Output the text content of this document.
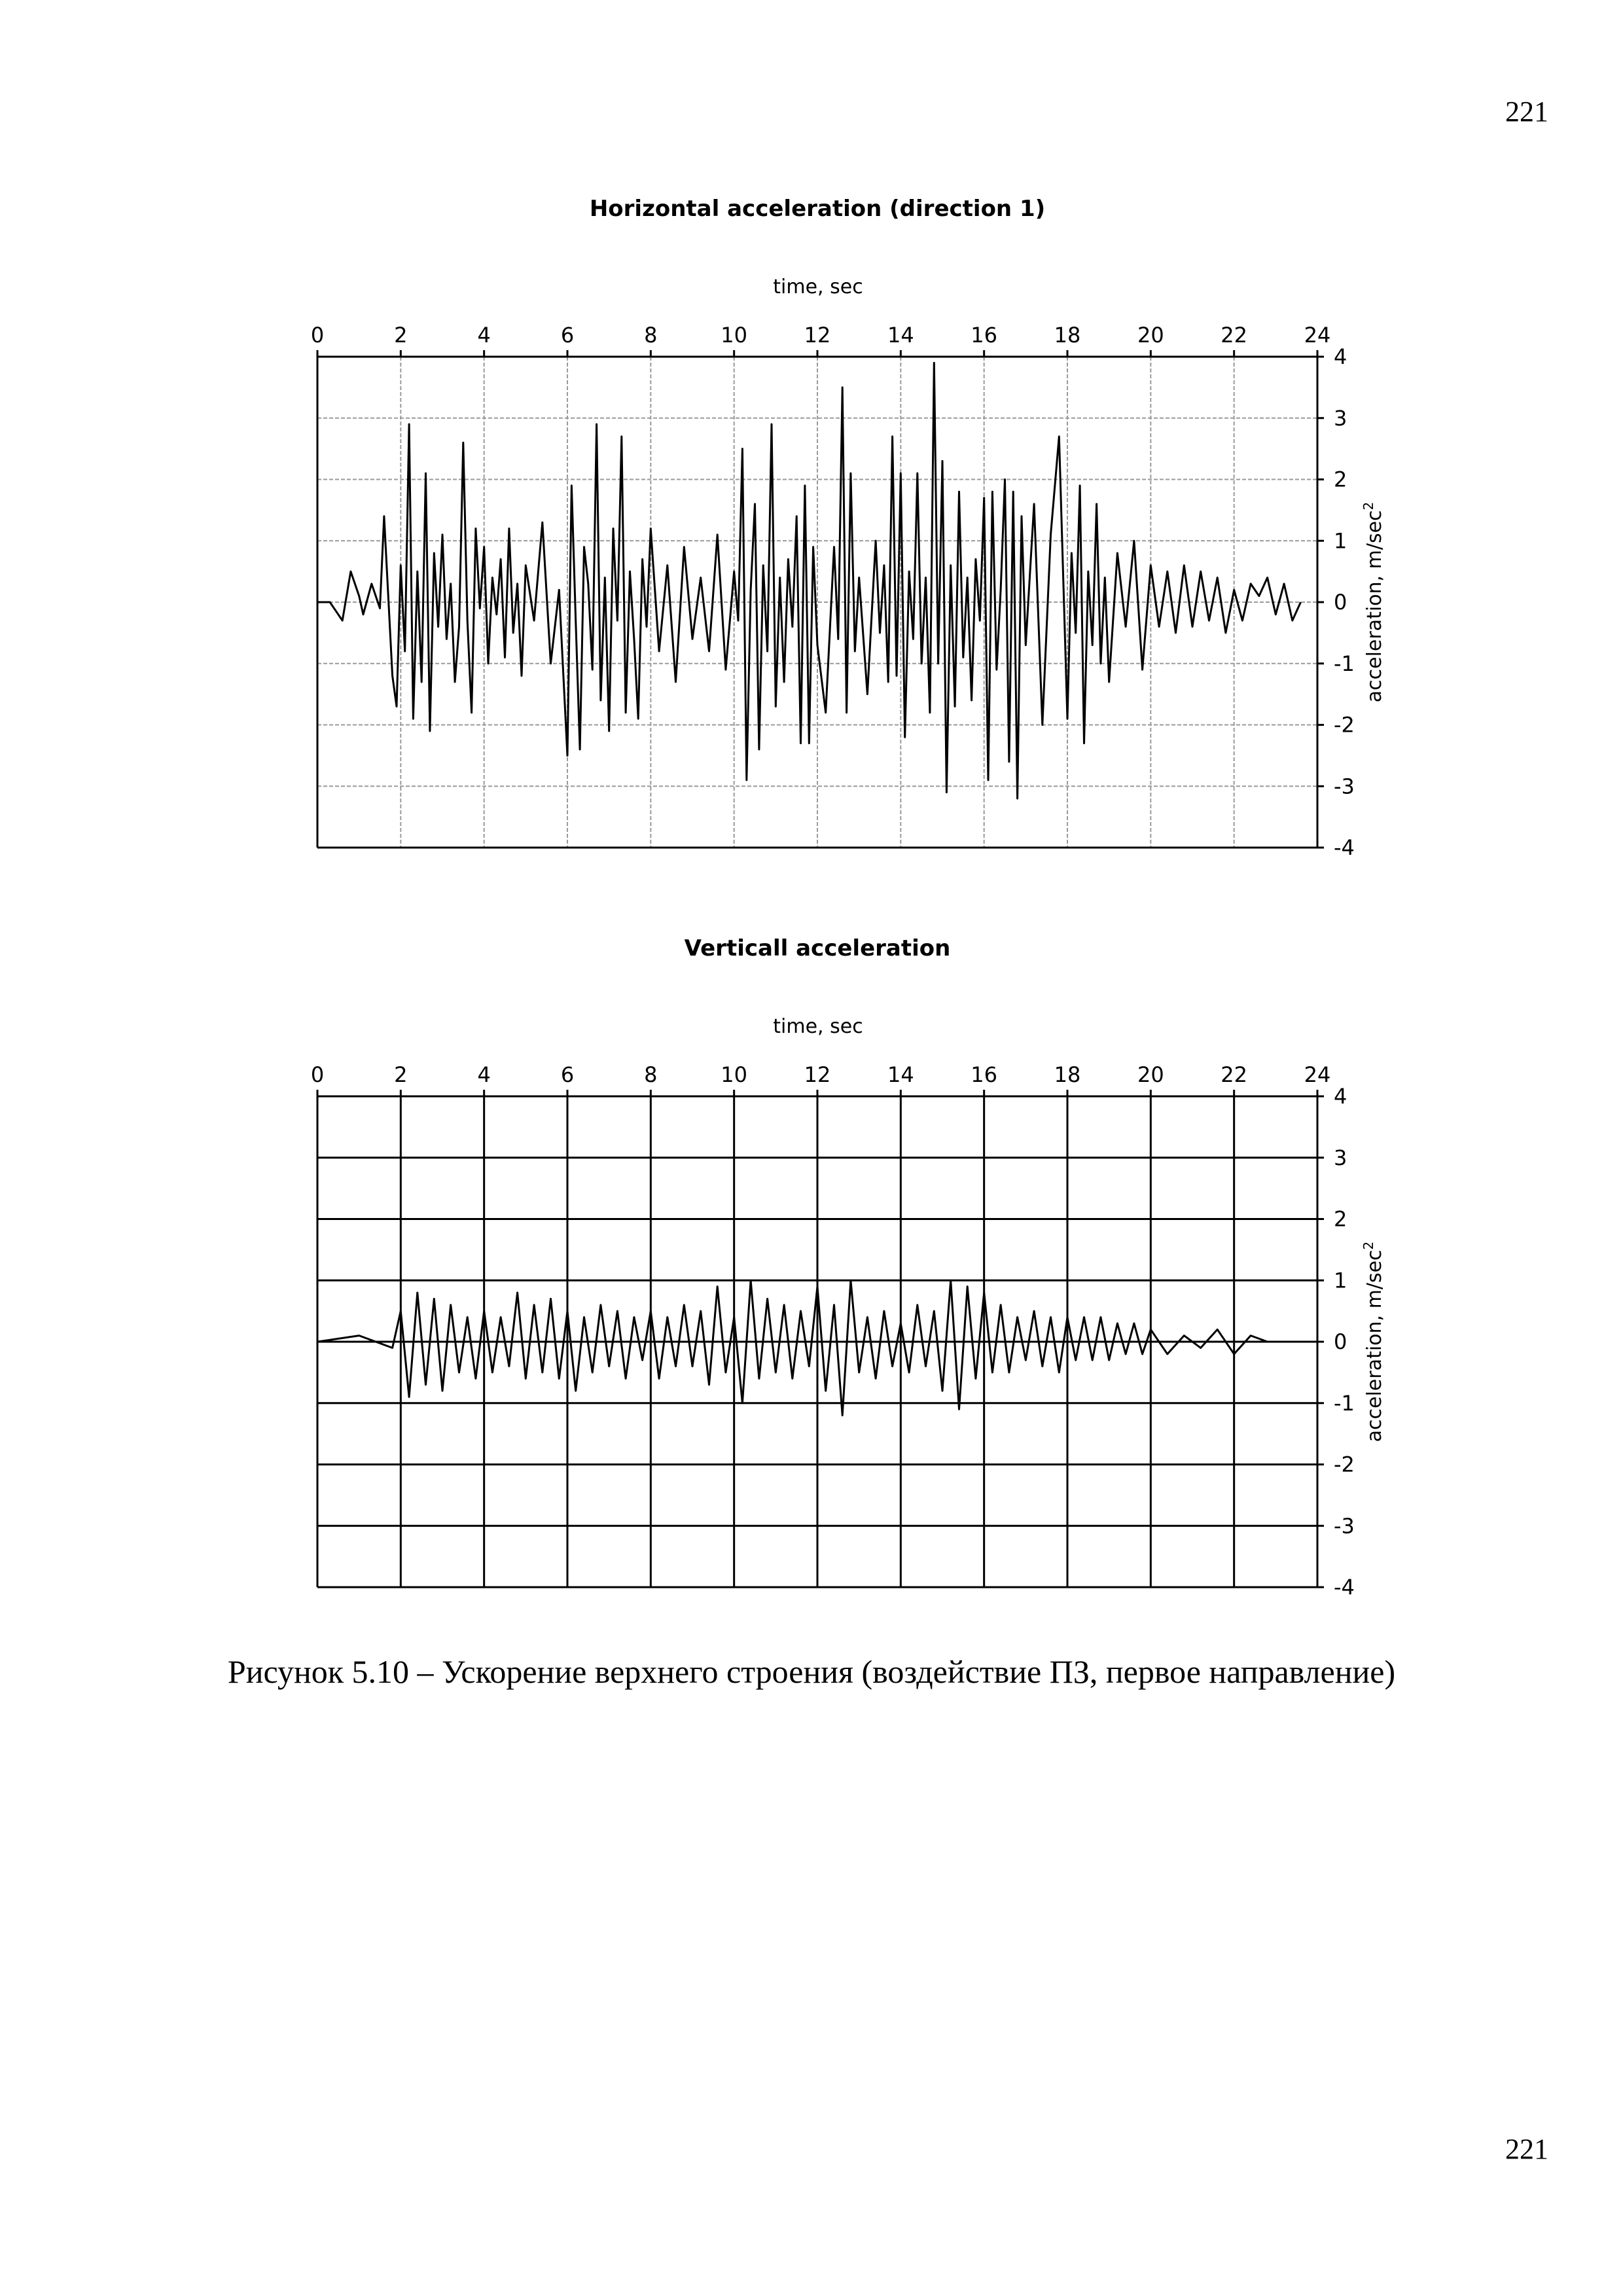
221
Horizontal acceleration (direction 1)
time, sec
0	2	4	6	8	10	12	14	16	18	20	22	24
4
3
2
1
0
-1
-2
-3
-4
acceleration, $m/\sec^2$
Verticall acceleration
time, sec
0	2	4	6	8	10	12	14	16	18	20	22	24
4
3
2
1
0
-1
-2
-3
-4
acceleration, $m/\sec^2$
Рисунок 5.10 – Ускорение верхнего строения (воздействие ПЗ, первое направление)
221
